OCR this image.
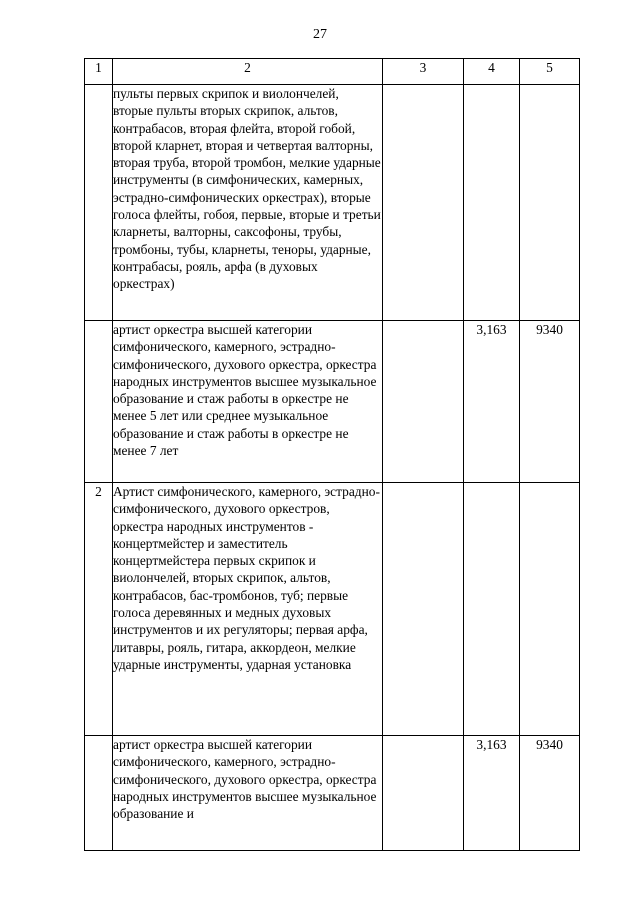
27
1	2	3	4	5
	пульты первых скрипок и виолончелей, вторые пульты вторых скрипок, альтов, контрабасов, вторая флейта, второй гобой, второй кларнет, вторая и четвертая валторны, вторая труба, второй тромбон, мелкие ударные инструменты (в симфонических, камерных, эстрадно-симфонических оркестрах), вторые голоса флейты, гобоя, первые, вторые и третьи кларнеты, валторны, саксофоны, трубы, тромбоны, тубы, кларнеты, теноры, ударные, контрабасы, рояль, арфа (в духовых оркестрах)			
	артист оркестра высшей категории симфонического, камерного, эстрадно-симфонического, духового оркестра, оркестра народных инструментов высшее музыкальное образование и стаж работы в оркестре не менее 5 лет или среднее музыкальное образование и стаж работы в оркестре не менее 7 лет		3,163	9340
2	Артист симфонического, камерного, эстрадно-симфонического, духового оркестров, оркестра народных инструментов - концертмейстер и заместитель концертмейстера первых скрипок и виолончелей, вторых скрипок, альтов, контрабасов, бас-тромбонов, туб; первые голоса деревянных и медных духовых инструментов и их регуляторы; первая арфа, литавры, рояль, гитара, аккордеон, мелкие ударные инструменты, ударная установка			
	артист оркестра высшей категории симфонического, камерного, эстрадно-симфонического, духового оркестра, оркестра народных инструментов высшее музыкальное образование и		3,163	9340
